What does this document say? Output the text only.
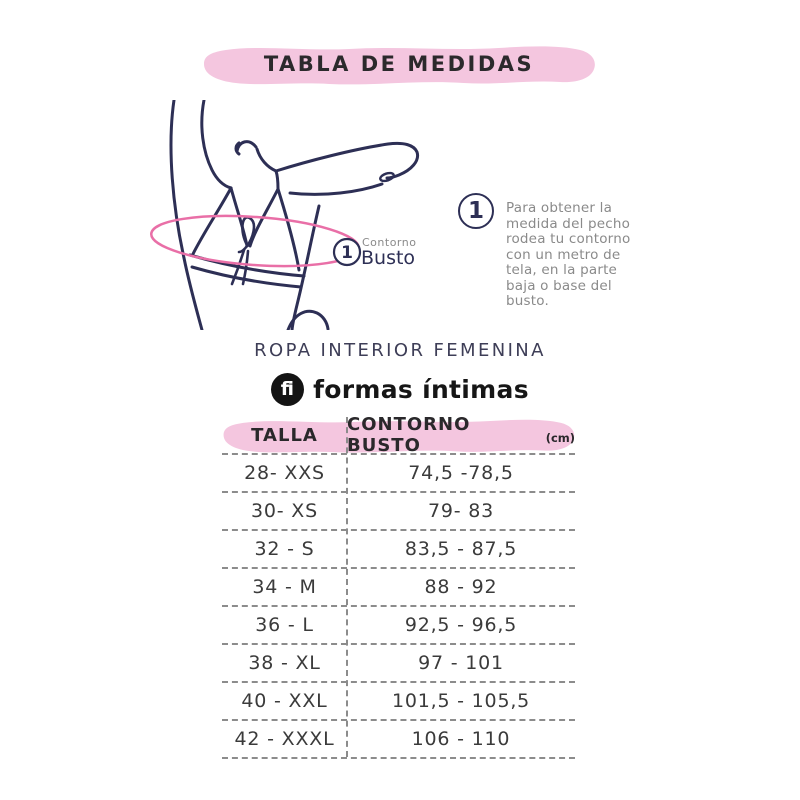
TABLA DE MEDIDAS
1
Contorno
Busto
1 Para obtener la
medida del pecho
rodea tu contorno
con un metro de
tela, en la parte
baja o base del
busto.
ROPA INTERIOR FEMENINA
fi formas íntimas
TALLA	CONTORNO BUSTO	(cm)
28- XXS	74,5 -78,5
30- XS	79- 83
32 - S	83,5 - 87,5
34 - M	88 - 92
36 - L	92,5 - 96,5
38 - XL	97 - 101
40 - XXL	101,5 - 105,5
42 - XXXL	106 - 110
